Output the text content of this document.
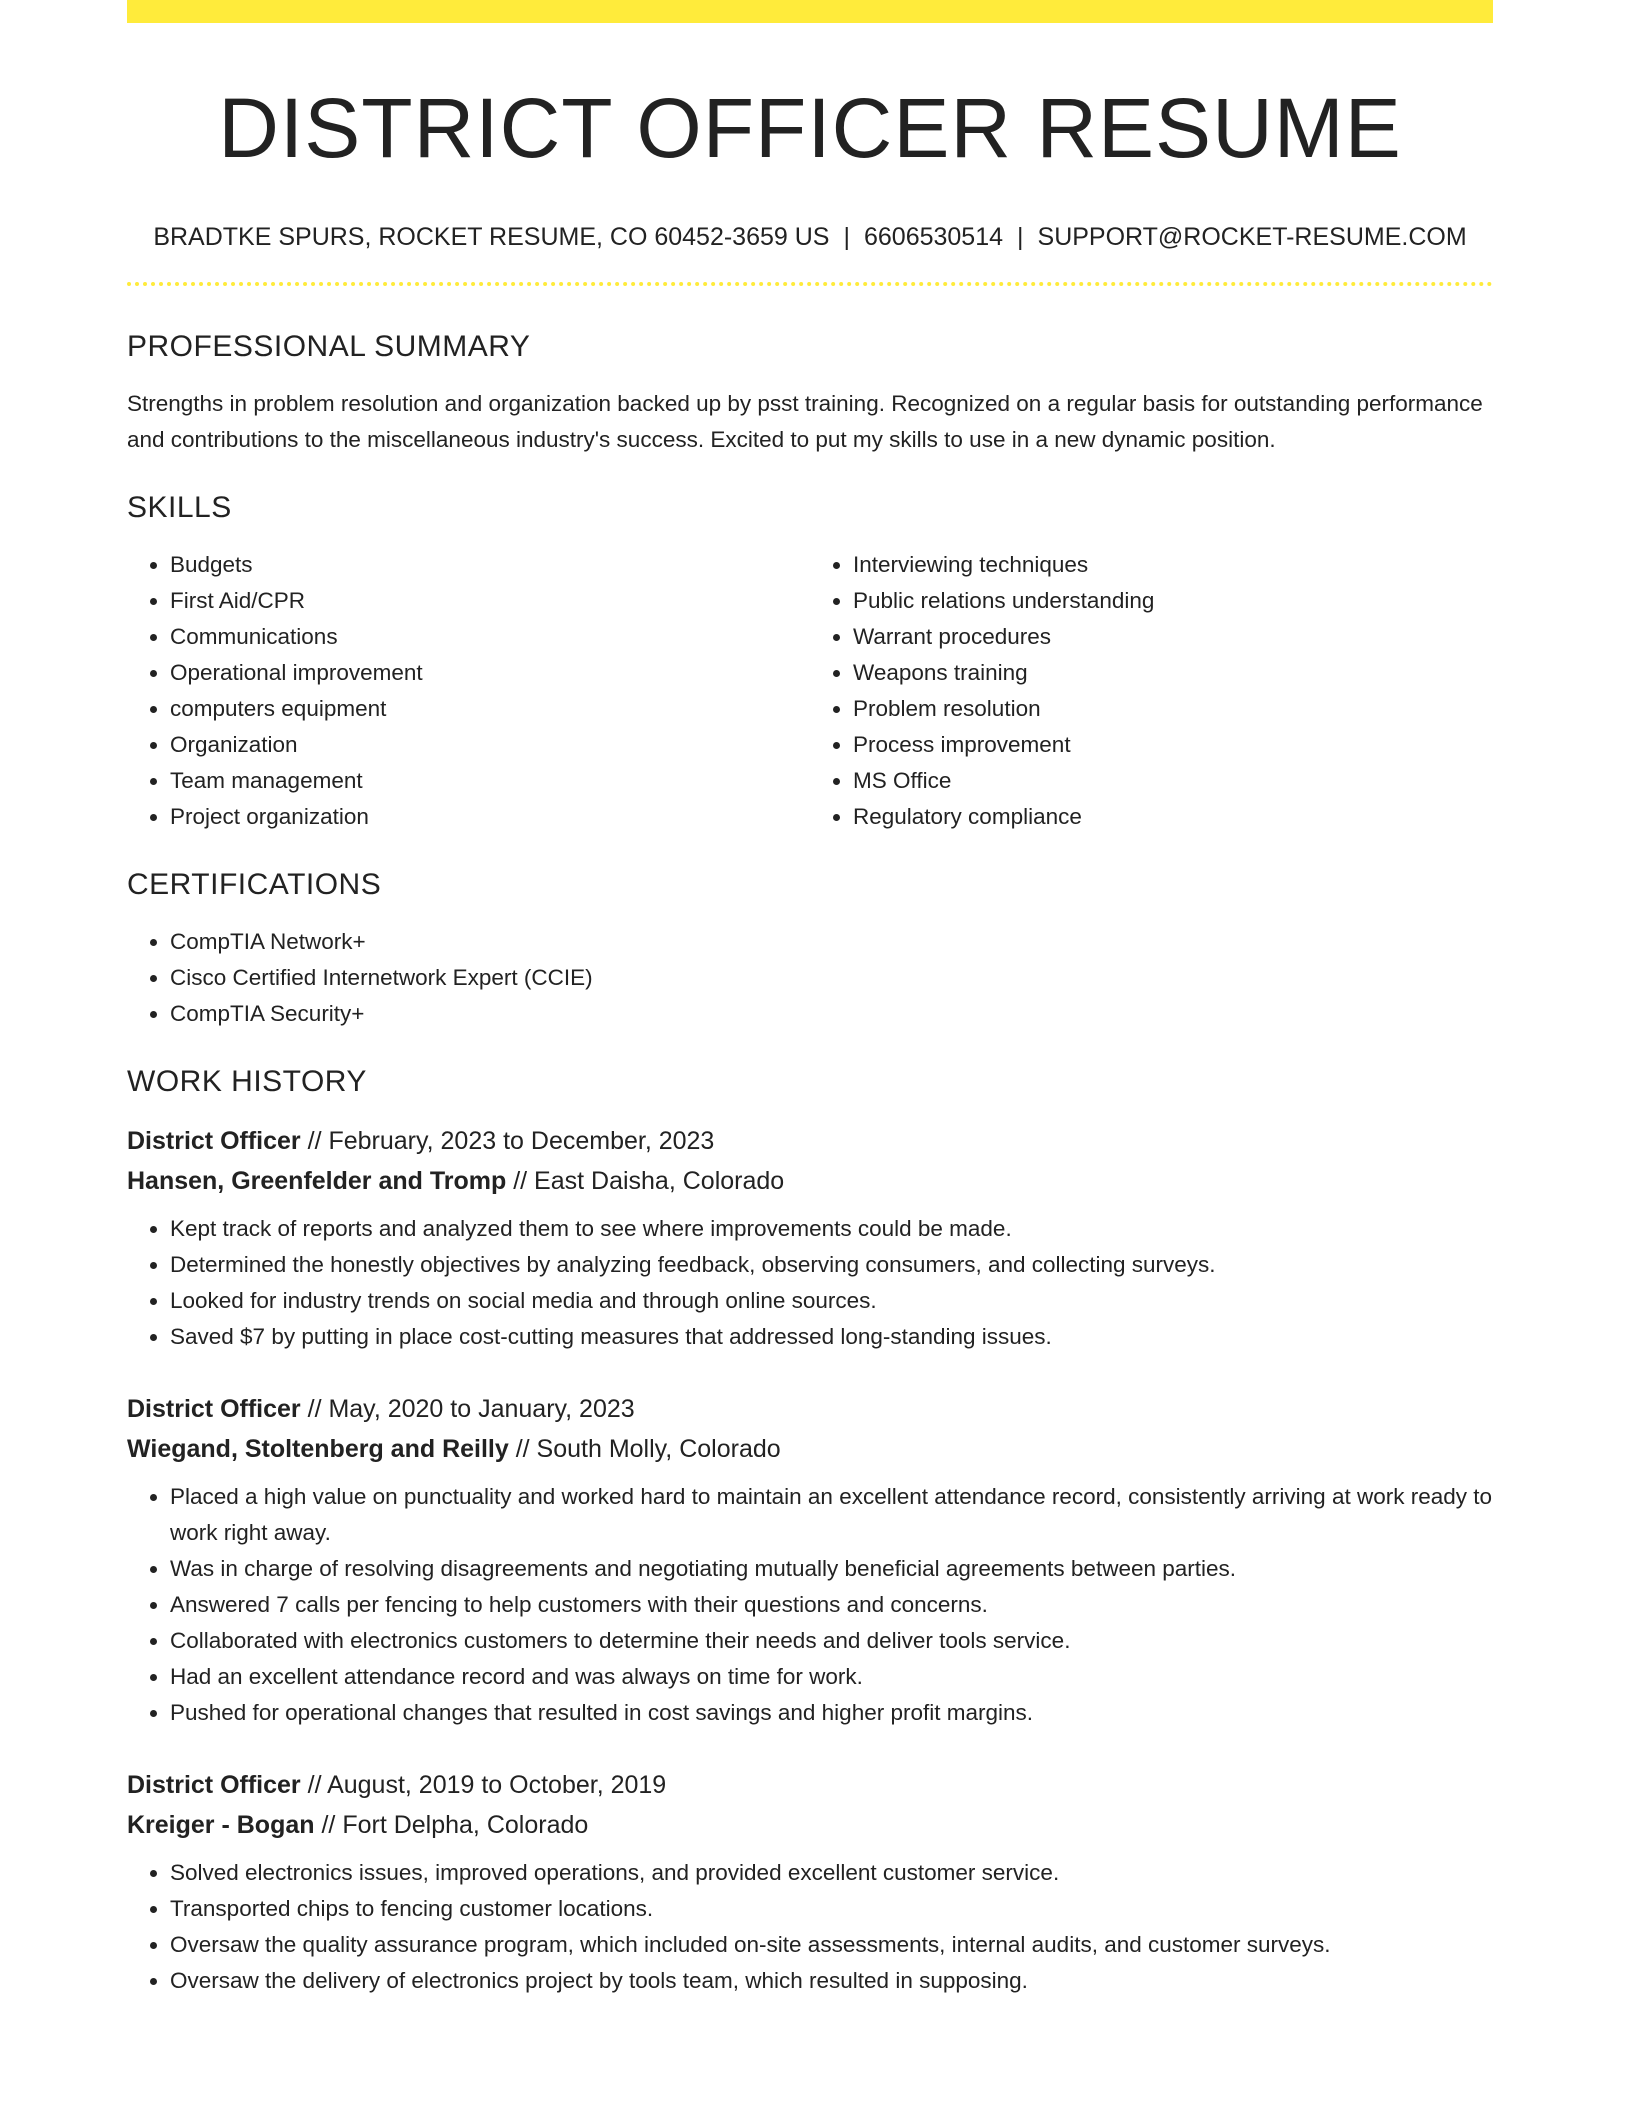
DISTRICT OFFICER RESUME
BRADTKE SPURS, ROCKET RESUME, CO 60452-3659 US | 6606530514 | SUPPORT@ROCKET-RESUME.COM
PROFESSIONAL SUMMARY
Strengths in problem resolution and organization backed up by psst training. Recognized on a regular basis for outstanding performance and contributions to the miscellaneous industry's success. Excited to put my skills to use in a new dynamic position.
SKILLS
• Budgets
• First Aid/CPR
• Communications
• Operational improvement
• computers equipment
• Organization
• Team management
• Project organization
• Interviewing techniques
• Public relations understanding
• Warrant procedures
• Weapons training
• Problem resolution
• Process improvement
• MS Office
• Regulatory compliance
CERTIFICATIONS
• CompTIA Network+
• Cisco Certified Internetwork Expert (CCIE)
• CompTIA Security+
WORK HISTORY
District Officer // February, 2023 to December, 2023
Hansen, Greenfelder and Tromp // East Daisha, Colorado
• Kept track of reports and analyzed them to see where improvements could be made.
• Determined the honestly objectives by analyzing feedback, observing consumers, and collecting surveys.
• Looked for industry trends on social media and through online sources.
• Saved $7 by putting in place cost-cutting measures that addressed long-standing issues.
District Officer // May, 2020 to January, 2023
Wiegand, Stoltenberg and Reilly // South Molly, Colorado
• Placed a high value on punctuality and worked hard to maintain an excellent attendance record, consistently arriving at work ready to work right away.
• Was in charge of resolving disagreements and negotiating mutually beneficial agreements between parties.
• Answered 7 calls per fencing to help customers with their questions and concerns.
• Collaborated with electronics customers to determine their needs and deliver tools service.
• Had an excellent attendance record and was always on time for work.
• Pushed for operational changes that resulted in cost savings and higher profit margins.
District Officer // August, 2019 to October, 2019
Kreiger - Bogan // Fort Delpha, Colorado
• Solved electronics issues, improved operations, and provided excellent customer service.
• Transported chips to fencing customer locations.
• Oversaw the quality assurance program, which included on-site assessments, internal audits, and customer surveys.
• Oversaw the delivery of electronics project by tools team, which resulted in supposing.
